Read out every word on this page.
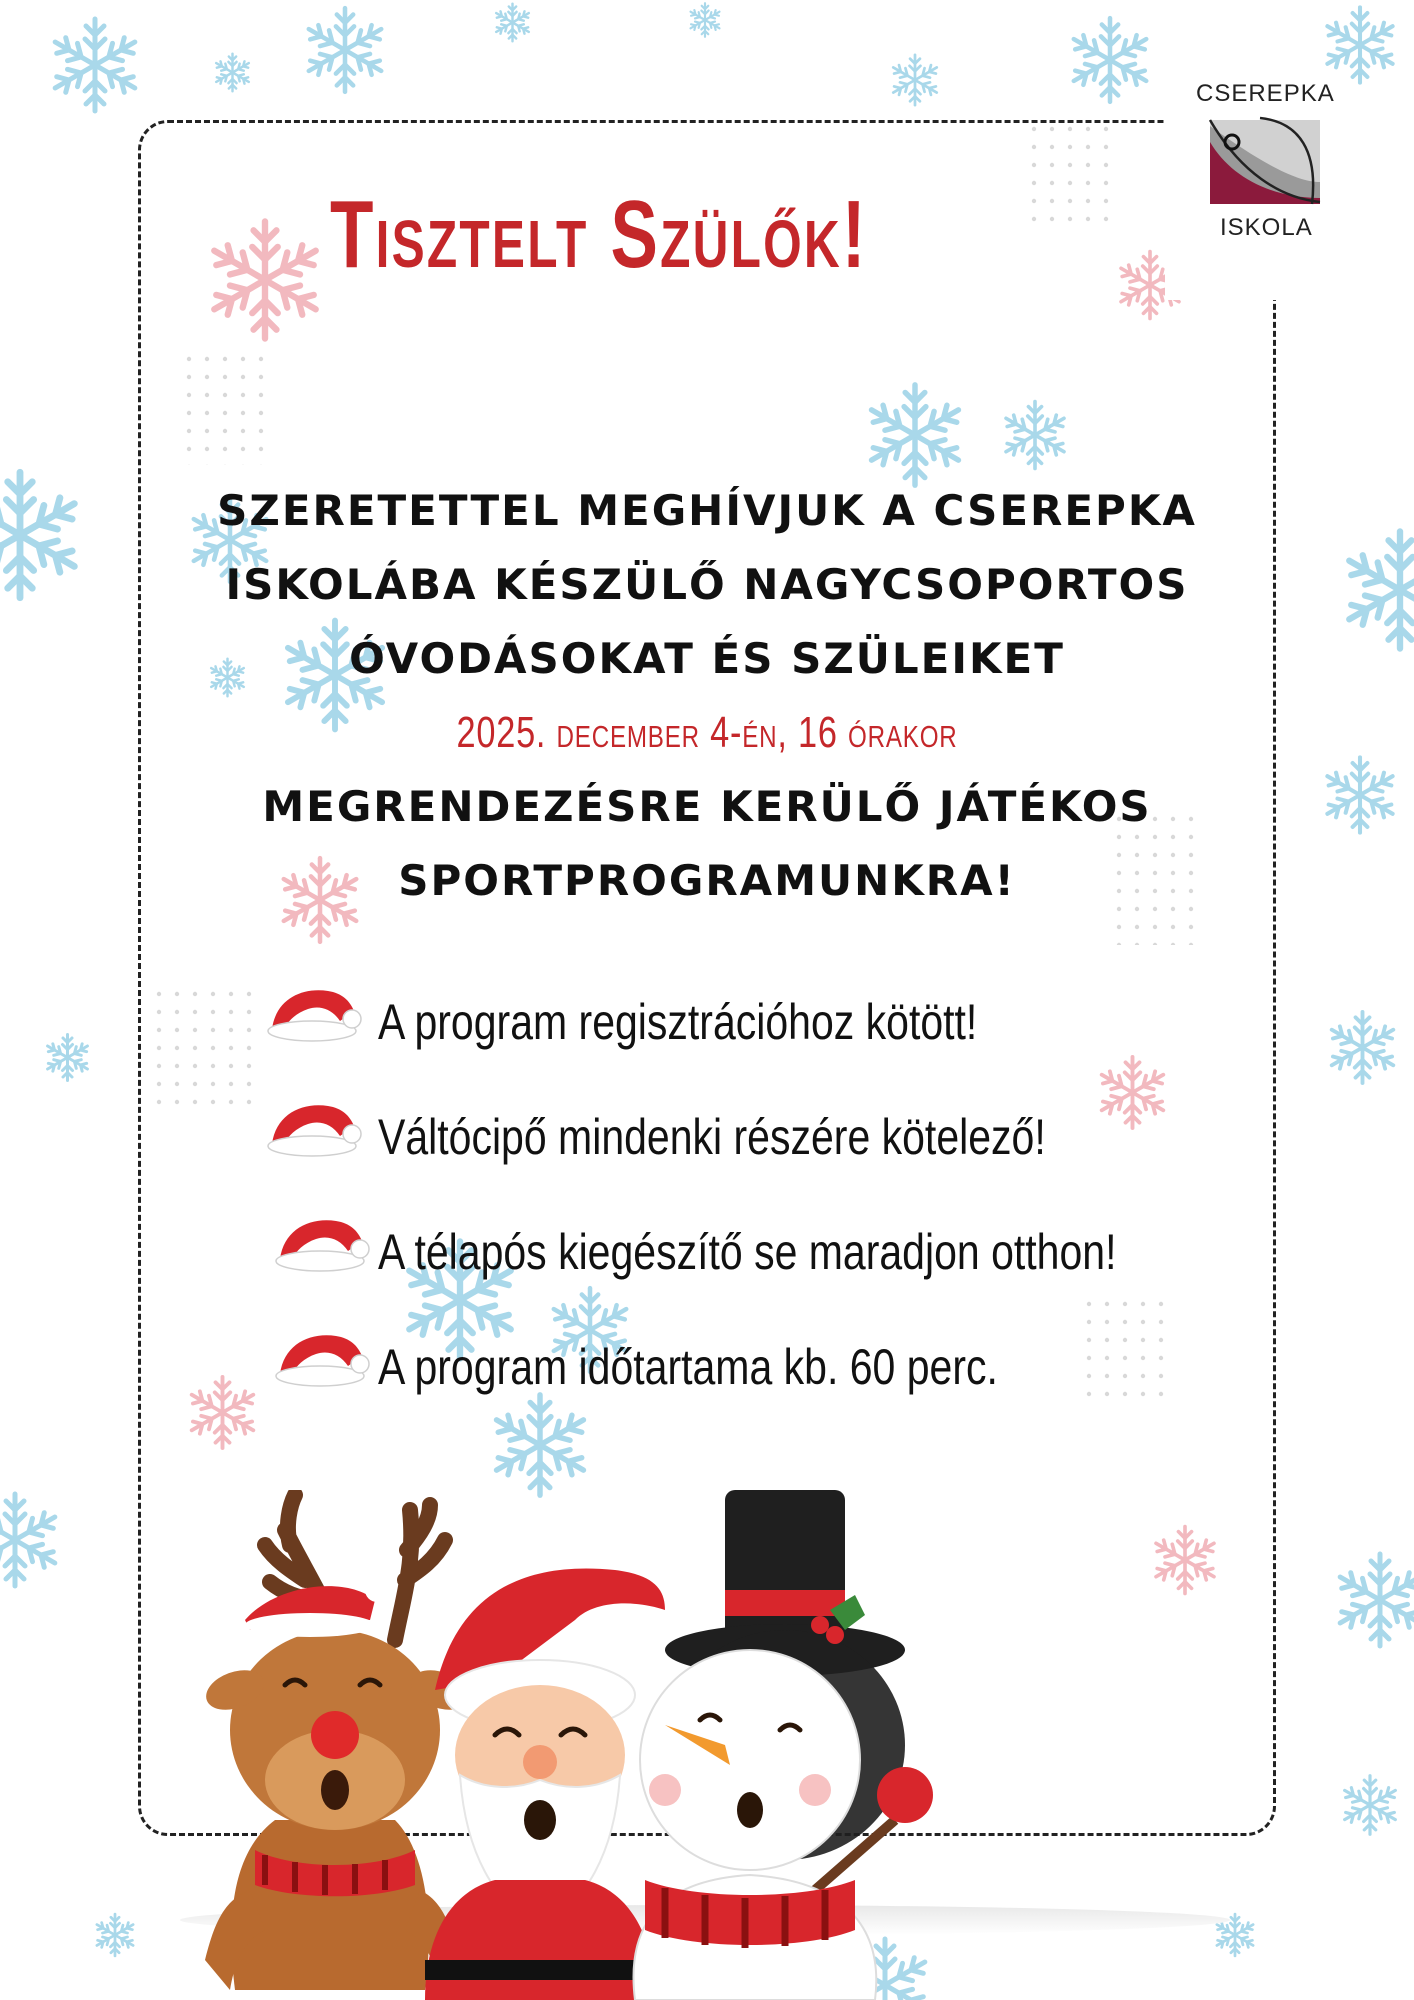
CSEREPKA
ISKOLA
Tisztelt Szülők!
SZERETETTEL MEGHÍVJUK A CSEREPKA
ISKOLÁBA KÉSZÜLŐ NAGYCSOPORTOS
ÓVODÁSOKAT ÉS SZÜLEIKET
2025. december 4-én, 16 órakor
MEGRENDEZÉSRE KERÜLŐ JÁTÉKOS
SPORTPROGRAMUNKRA!
A program regisztrációhoz kötött!
Váltócipő mindenki részére kötelező!
A télapós kiegészítő se maradjon otthon!
A program időtartama kb. 60 perc.
